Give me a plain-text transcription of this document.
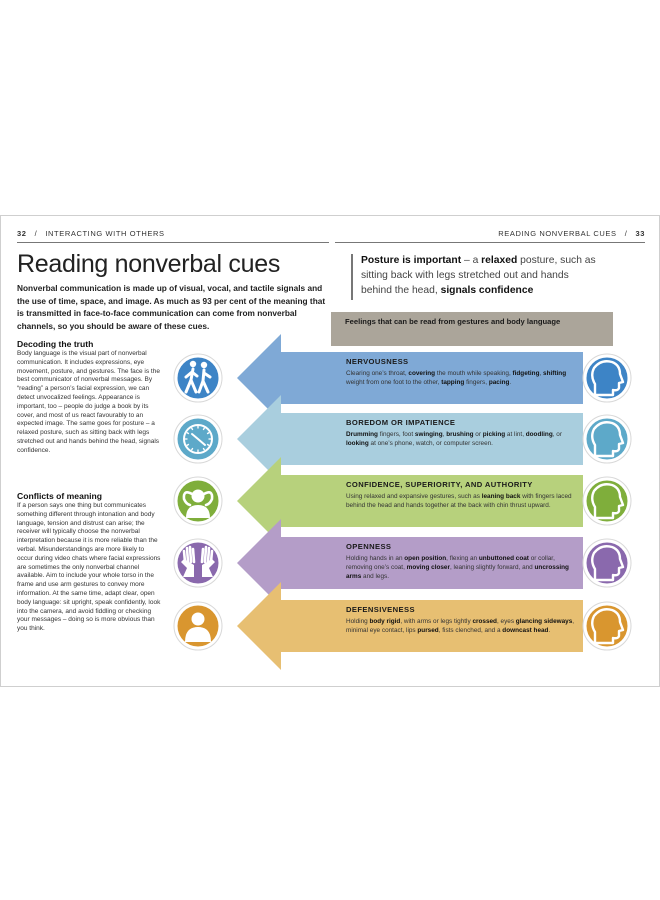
32 / INTERACTING WITH OTHERS	READING NONVERBAL CUES / 33
Reading nonverbal cues

Nonverbal communication is made up of visual, vocal, and tactile signals and the use of time, space, and image. As much as 93 per cent of the meaning that is transmitted in face-to-face communication can come from nonverbal channels, so you should be aware of these cues.

Decoding the truth

Body language is the visual part of nonverbal communication. It includes expressions, eye movement, posture, and gestures. The face is the best communicator of nonverbal messages. By “reading” a person’s facial expression, we can detect unvocalized feelings. Appearance is important, too – people do judge a book by its cover, and most of us react favourably to an expected image. The same goes for posture – a relaxed posture, such as sitting back with legs stretched out and hands behind the head, signals confidence.

Conflicts of meaning

If a person says one thing but communicates something different through intonation and body language, tension and distrust can arise; the receiver will typically choose the nonverbal interpretation because it is more reliable than the verbal. Misunderstandings are more likely to occur during video chats where facial expressions are sometimes the only nonverbal channel available. Aim to include your whole torso in the frame and use arm gestures to convey more information. At the same time, adapt clear, open body language: sit upright, speak confidently, look into the camera, and avoid fiddling or checking your messages – doing so is more obvious than you think.

Posture is important – a relaxed posture, such as sitting back with legs stretched out and hands behind the head, signals confidence

Feelings that can be read from gestures and body language
NERVOUSNESS
Clearing one’s throat, covering the mouth while speaking, fidgeting, shifting weight from one foot to the other, tapping fingers, pacing.
BOREDOM OR IMPATIENCE
Drumming fingers, foot swinging, brushing or picking at lint, doodling, or looking at one’s phone, watch, or computer screen.
CONFIDENCE, SUPERIORITY, AND AUTHORITY
Using relaxed and expansive gestures, such as leaning back with fingers laced behind the head and hands together at the back with chin thrust upward.
OPENNESS
Holding hands in an open position, flexing an unbuttoned coat or collar, removing one’s coat, moving closer, leaning slightly forward, and uncrossing arms and legs.
DEFENSIVENESS
Holding body rigid, with arms or legs tightly crossed, eyes glancing sideways, minimal eye contact, lips pursed, fists clenched, and a downcast head.
